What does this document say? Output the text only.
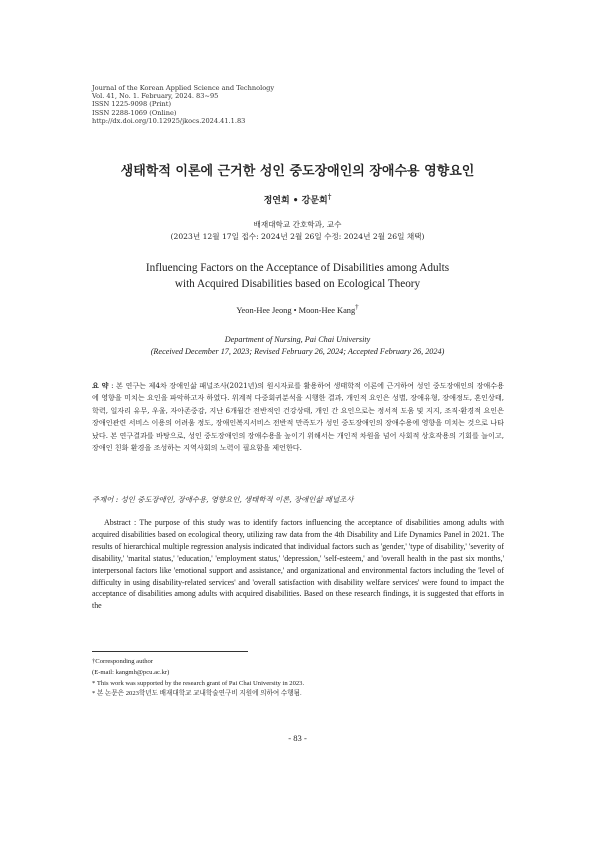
Journal of the Korean Applied Science and Technology
Vol. 41, No. 1. February, 2024. 83~95
ISSN 1225-9098 (Print)
ISSN 2288-1069 (Online)
http://dx.doi.org/10.12925/jkocs.2024.41.1.83
생태학적 이론에 근거한 성인 중도장애인의 장애수용 영향요인
정연희 • 강문희†
배재대학교 간호학과, 교수
(2023년 12월 17일 접수: 2024년 2월 26일 수정: 2024년 2월 26일 채택)
Influencing Factors on the Acceptance of Disabilities among Adults
with Acquired Disabilities based on Ecological Theory
Yeon-Hee Jeong • Moon-Hee Kang†
Department of Nursing, Pai Chai University
(Received December 17, 2023; Revised February 26, 2024; Accepted February 26, 2024)
요 약 : 본 연구는 제4차 장애인삶 패널조사(2021년)의 원시자료를 활용하여 생태학적 이론에 근거하여 성인 중도장애인의 장애수용에 영향을 미치는 요인을 파악하고자 하였다. 위계적 다중회귀분석을 시행한 결과, 개인적 요인은 성별, 장애유형, 장애정도, 혼인상태, 학력, 일자리 유무, 우울, 자아존중감, 지난 6개월간 전반적인 건강상태, 개인 간 요인으로는 정서적 도움 및 지지, 조직·환경적 요인은 장애인관련 서비스 이용의 어려움 정도, 장애인복지서비스 전반적 만족도가 성인 중도장애인의 장애수용에 영향을 미치는 것으로 나타났다. 본 연구결과를 바탕으로, 성인 중도장애인의 장애수용을 높이기 위해서는 개인적 차원을 넘어 사회적 상호작용의 기회를 늘이고, 장애인 친화 환경을 조성하는 지역사회의 노력이 필요함을 제언한다.
주제어 : 성인 중도장애인, 장애수용, 영향요인, 생태학적 이론, 장애인삶 패널조사

Abstract : The purpose of this study was to identify factors influencing the acceptance of disabilities among adults with acquired disabilities based on ecological theory, utilizing raw data from the 4th Disability and Life Dynamics Panel in 2021. The results of hierarchical multiple regression analysis indicated that individual factors such as 'gender,' 'type of disability,' 'severity of disability,' 'marital status,' 'education,' 'employment status,' 'depression,' 'self-esteem,' and 'overall health in the past six months,' interpersonal factors like 'emotional support and assistance,' and organizational and environmental factors including the 'level of difficulty in using disability-related services' and 'overall satisfaction with disability welfare services' were found to impact the acceptance of disabilities among adults with acquired disabilities. Based on these research findings, it is suggested that efforts in the

†Corresponding author
(E-mail: kangmh@pcu.ac.kr)
* This work was supported by the research grant of Pai Chai University in 2023.
* 본 논문은 2023학년도 배재대학교 교내학술연구비 지원에 의하여 수행됨.
- 83 -
